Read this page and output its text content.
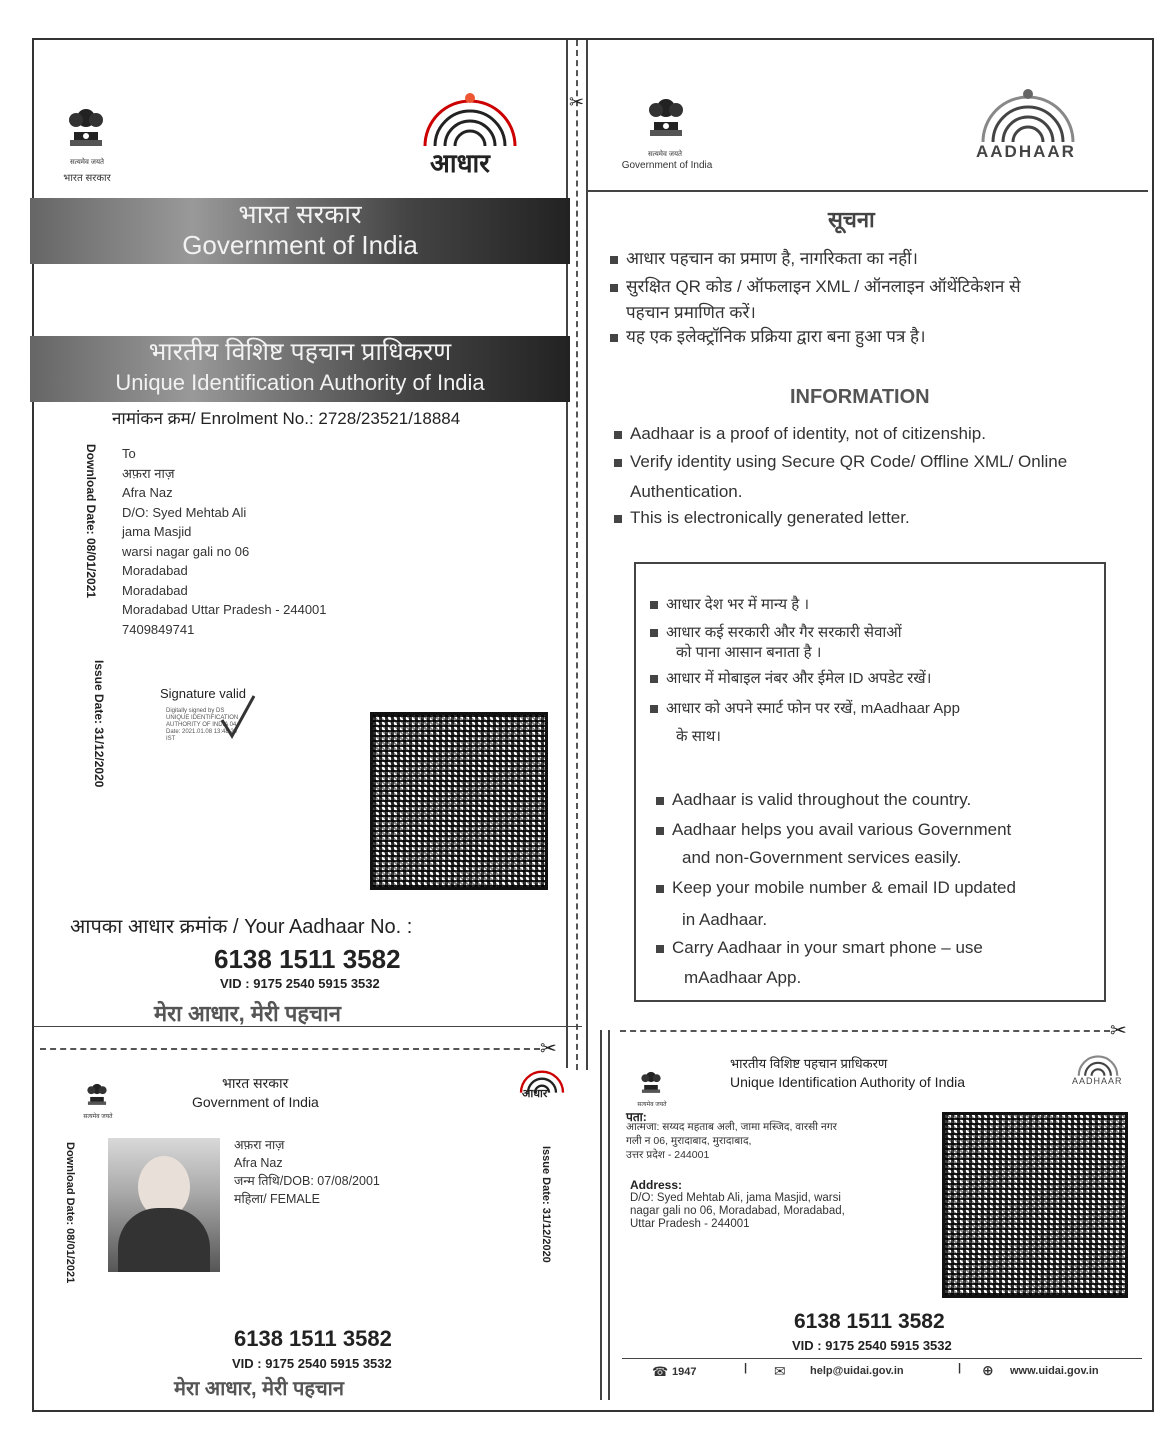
✂
✂
✂
सत्यमेव जयते
भारत सरकार
आधार
भारत सरकार
Government of India
भारतीय विशिष्ट पहचान प्राधिकरण
Unique Identification Authority of India
नामांकन क्रम/ Enrolment No.: 2728/23521/18884
Download Date: 08/01/2021
Issue Date: 31/12/2020
To
अफ़रा नाज़
Afra Naz
D/O: Syed Mehtab Ali
jama Masjid
warsi nagar gali no 06
Moradabad
Moradabad
Moradabad Uttar Pradesh - 244001
7409849741
Signature valid
Digitally signed by DS
UNIQUE IDENTIFICATION
AUTHORITY OF INDIA 04
Date: 2021.01.08 13:48:29
IST
आपका आधार क्रमांक / Your Aadhaar No. :
6138 1511 3582
VID : 9175 2540 5915 3532
मेरा आधार, मेरी पहचान
सत्यमेव जयते
Government of India
AADHAAR
सूचना
आधार पहचान का प्रमाण है, नागरिकता का नहीं।
सुरक्षित QR कोड / ऑफलाइन XML / ऑनलाइन ऑथेंटिकेशन से
पहचान प्रमाणित करें।
यह एक इलेक्ट्रॉनिक प्रक्रिया द्वारा बना हुआ पत्र है।
INFORMATION
Aadhaar is a proof of identity, not of citizenship.
Verify identity using Secure QR Code/ Offline XML/ Online
Authentication.
This is electronically generated letter.
आधार देश भर में मान्य है ।
आधार कई सरकारी और गैर सरकारी सेवाओं
को पाना आसान बनाता है ।
आधार में मोबाइल नंबर और ईमेल ID अपडेट रखें।
आधार को अपने स्मार्ट फोन पर रखें, mAadhaar App
के साथ।
Aadhaar is valid throughout the country.
Aadhaar helps you avail various Government
and non-Government services easily.
Keep your mobile number & email ID updated
in Aadhaar.
Carry Aadhaar in your smart phone – use
mAadhaar App.
सत्यमेव जयते
भारत सरकार
Government of India	आधार
Download Date: 08/01/2021	Issue Date: 31/12/2020
अफ़रा नाज़
Afra Naz
जन्म तिथि/DOB: 07/08/2001
महिला/ FEMALE
6138 1511 3582
VID : 9175 2540 5915 3532
मेरा आधार, मेरी पहचान
सत्यमेव जयते
भारतीय विशिष्ट पहचान प्राधिकरण
Unique Identification Authority of India	AADHAAR
पता:
आत्मजा: सय्यद महताब अली, जामा मस्जिद, वारसी नगर
गली न 06, मुरादाबाद, मुरादाबाद,
उत्तर प्रदेश - 244001
Address:
D/O: Syed Mehtab Ali, jama Masjid, warsi
nagar gali no 06, Moradabad, Moradabad,
Uttar Pradesh - 244001
6138 1511 3582
VID : 9175 2540 5915 3532
☎ 1947	| ✉ help@uidai.gov.in	| ⊕ www.uidai.gov.in
